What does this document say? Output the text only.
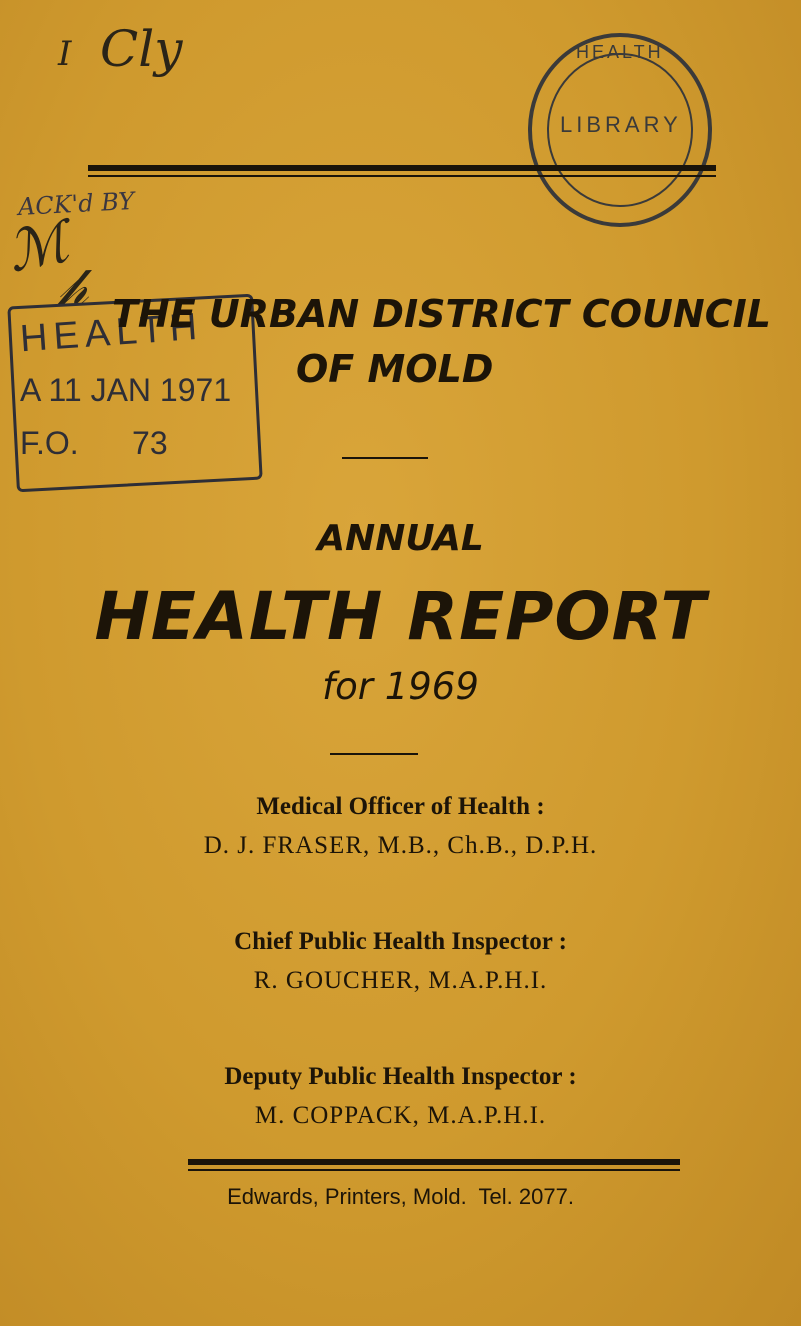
I Cly
ACK'd BY
ℳ
𝒽
HEALTH
LIBRARY
HEALTH
A 11 JAN 1971
F.O.      73
THE URBAN DISTRICT COUNCIL
OF MOLD
ANNUAL
HEALTH REPORT
for 1969
Medical Officer of Health :
D. J. FRASER, M.B., Ch.B., D.P.H.
Chief Public Health Inspector :
R. GOUCHER, M.A.P.H.I.
Deputy Public Health Inspector :
M. COPPACK, M.A.P.H.I.
Edwards, Printers, Mold.  Tel. 2077.
